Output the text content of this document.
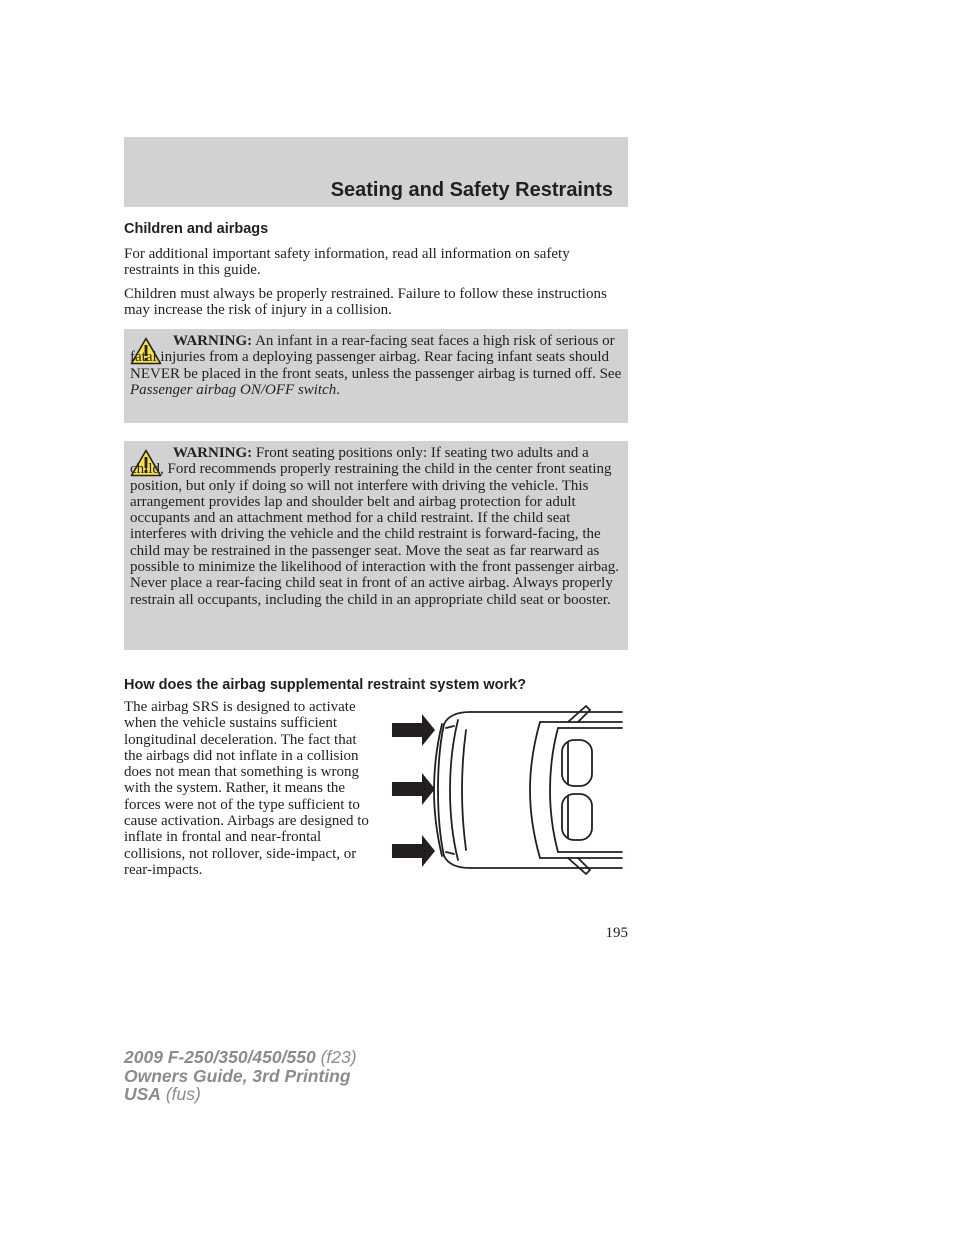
Seating and Safety Restraints
Children and airbags

For additional important safety information, read all information on safety restraints in this guide.

Children must always be properly restrained. Failure to follow these instructions may increase the risk of injury in a collision.

WARNING: An infant in a rear-facing seat faces a high risk of serious or fatal injuries from a deploying passenger airbag. Rear facing infant seats should NEVER be placed in the front seats, unless the passenger airbag is turned off. See Passenger airbag ON/OFF switch.

WARNING: Front seating positions only: If seating two adults and a child, Ford recommends properly restraining the child in the center front seating position, but only if doing so will not interfere with driving the vehicle. This arrangement provides lap and shoulder belt and airbag protection for adult occupants and an attachment method for a child restraint. If the child seat interferes with driving the vehicle and the child restraint is forward-facing, the child may be restrained in the passenger seat. Move the seat as far rearward as possible to minimize the likelihood of interaction with the front passenger airbag. Never place a rear-facing child seat in front of an active airbag. Always properly restrain all occupants, including the child in an appropriate child seat or booster.

How does the airbag supplemental restraint system work?

The airbag SRS is designed to activate when the vehicle sustains sufficient longitudinal deceleration. The fact that the airbags did not inflate in a collision does not mean that something is wrong with the system. Rather, it means the forces were not of the type sufficient to cause activation. Airbags are designed to inflate in frontal and near-frontal collisions, not rollover, side-impact, or rear-impacts.

195
2009 F-250/350/450/550 (f23)
Owners Guide, 3rd Printing
USA (fus)
